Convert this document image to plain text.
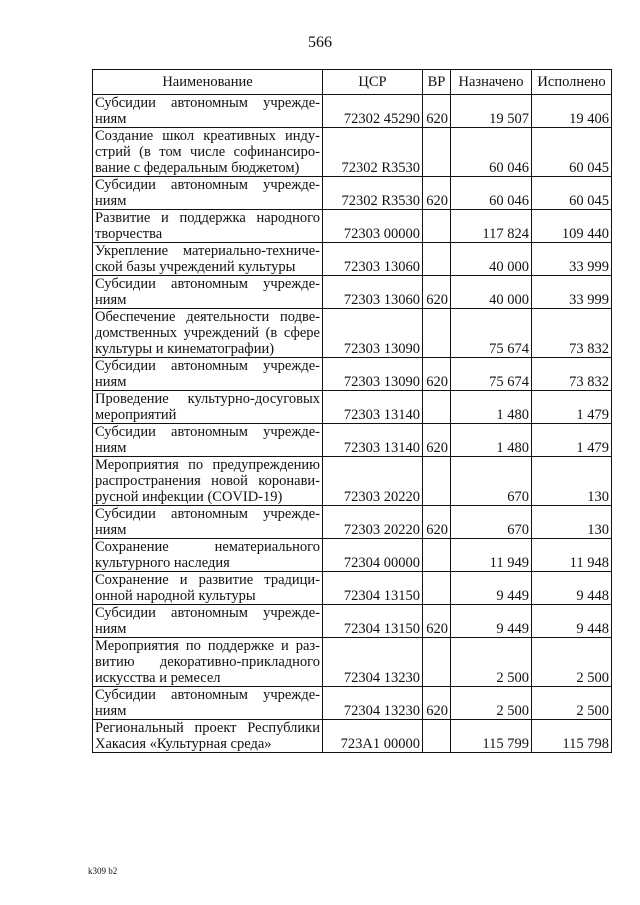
566
Наименование	ЦСР	ВР	Назначено	Исполнено
Субсидии автономным учрежде-ниям	72302 45290	620	19 507	19 406
Создание школ креативных инду-стрий (в том числе софинансиро-вание с федеральным бюджетом)	72302 R3530		60 046	60 045
Субсидии автономным учрежде-ниям	72302 R3530	620	60 046	60 045
Развитие и поддержка народного творчества	72303 00000		117 824	109 440
Укрепление материально-техниче-ской базы учреждений культуры	72303 13060		40 000	33 999
Субсидии автономным учрежде-ниям	72303 13060	620	40 000	33 999
Обеспечение деятельности подве-домственных учреждений (в сфере культуры и кинематографии)	72303 13090		75 674	73 832
Субсидии автономным учрежде-ниям	72303 13090	620	75 674	73 832
Проведение культурно-досуговых мероприятий	72303 13140		1 480	1 479
Субсидии автономным учрежде-ниям	72303 13140	620	1 480	1 479
Мероприятия по предупреждению распространения новой коронави-русной инфекции (COVID-19)	72303 20220		670	130
Субсидии автономным учрежде-ниям	72303 20220	620	670	130
Сохранение нематериального культурного наследия	72304 00000		11 949	11 948
Сохранение и развитие традици-онной народной культуры	72304 13150		9 449	9 448
Субсидии автономным учрежде-ниям	72304 13150	620	9 449	9 448
Мероприятия по поддержке и раз-витию декоративно-прикладного искусства и ремесел	72304 13230		2 500	2 500
Субсидии автономным учрежде-ниям	72304 13230	620	2 500	2 500
Региональный проект Республики Хакасия «Культурная среда»	723A1 00000		115 799	115 798
k309 b2
